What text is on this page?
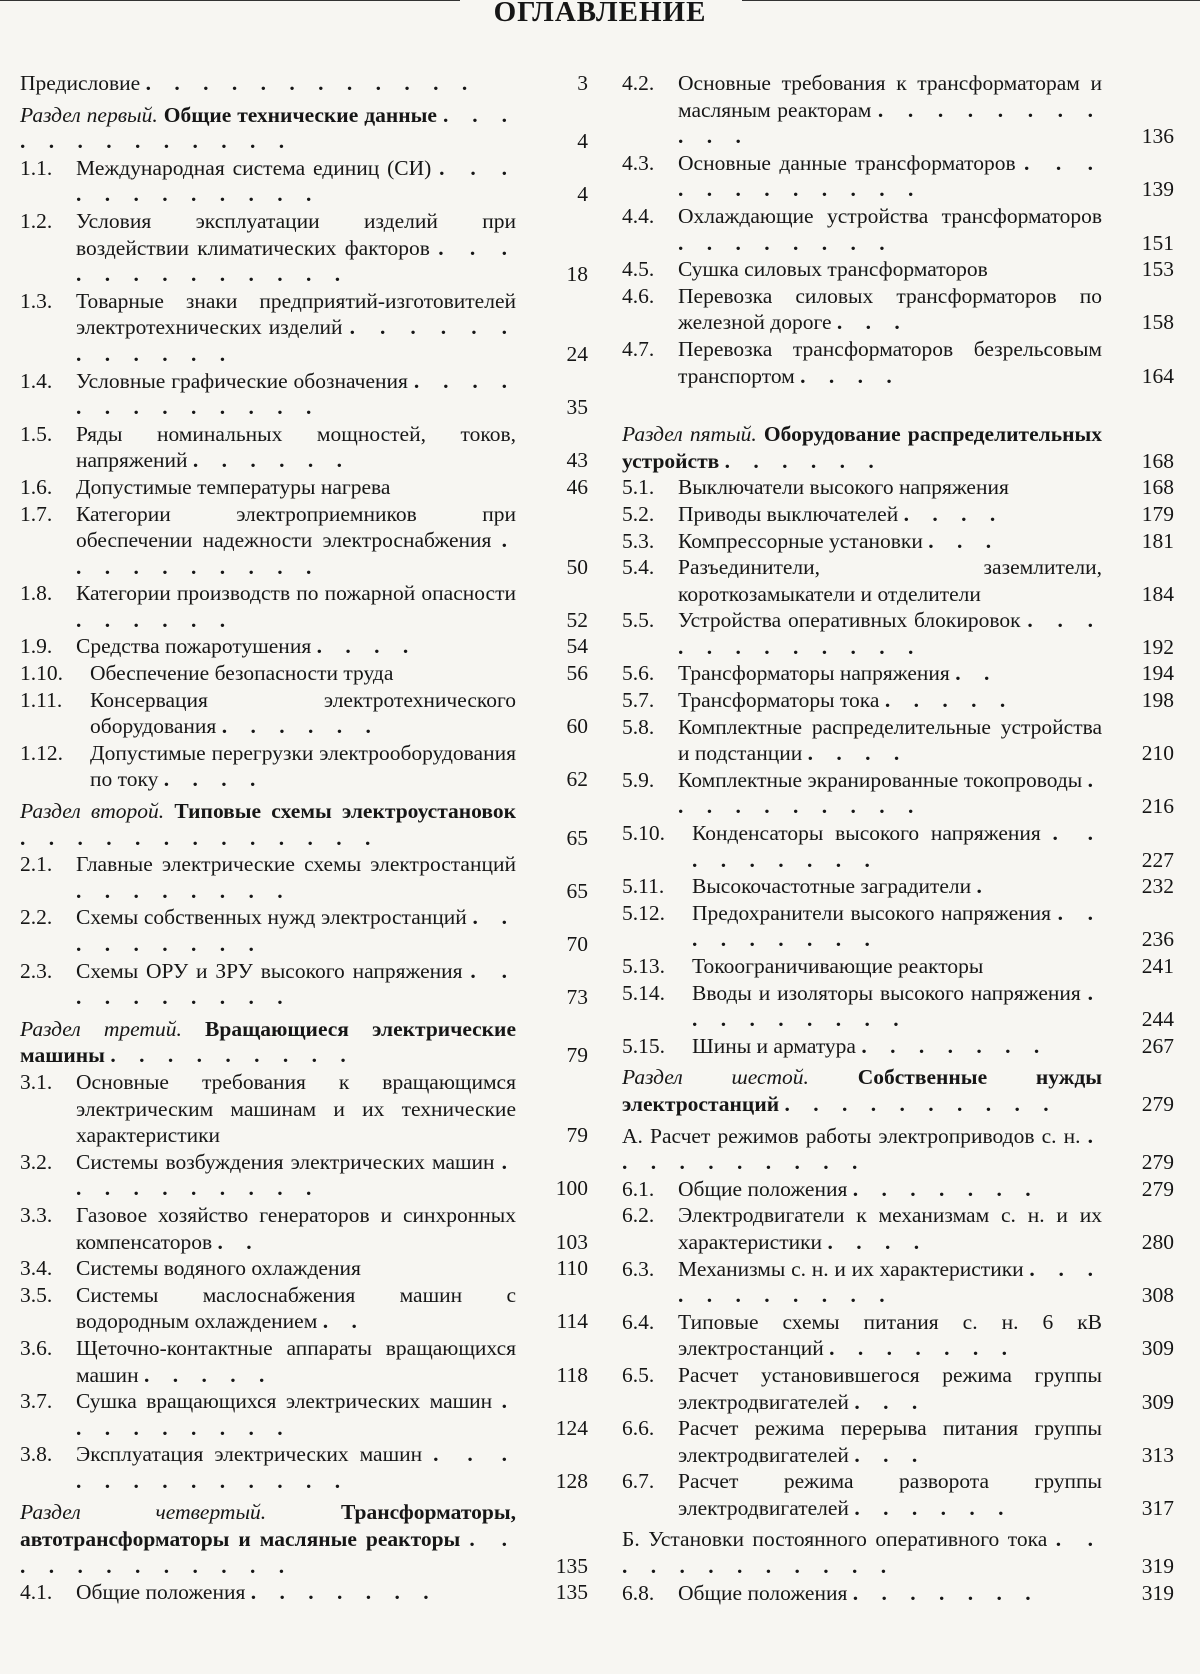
ОГЛАВЛЕНИЕ
Предисловие . . . . . . . . . . . .	3
Раздел первый. Общие технические данные . . . . . . . . . . . . .	4
1.1. Международная система единиц (СИ) . . . . . . . . . . . .	4
1.2. Условия эксплуатации изделий при воздействии климатических факторов . . . . . . . . . . . . .	18
1.3. Товарные знаки предприятий-изготовителей электротехнических изделий . . . . . . . . . . . .	24
1.4. Условные графические обозначения . . . . . . . . . . . . .	35
1.5. Ряды номинальных мощностей, токов, напряжений . . . . . .	43
1.6. Допустимые температуры нагрева	46
1.7. Категории электроприемников при обеспечении надежности электроснабжения . . . . . . . . . .	50
1.8. Категории производств по пожарной опасности . . . . . .	52
1.9. Средства пожаротушения . . . .	54
1.10. Обеспечение безопасности труда	56
1.11. Консервация электротехнического оборудования . . . . . .	60
1.12. Допустимые перегрузки электрооборудования по току . . . .	62
Раздел второй. Типовые схемы электроустановок . . . . . . . . . . . . .	65
2.1. Главные электрические схемы электростанций . . . . . . . .	65
2.2. Схемы собственных нужд электростанций . . . . . . . . .	70
2.3. Схемы ОРУ и ЗРУ высокого напряжения . . . . . . . . . .	73
Раздел третий. Вращающиеся электрические машины . . . . . . . . .	79
3.1. Основные требования к вращающимся электрическим машинам и их технические характеристики	79
3.2. Системы возбуждения электрических машин . . . . . . . . . .	100
3.3. Газовое хозяйство генераторов и синхронных компенсаторов . .	103
3.4. Системы водяного охлаждения	110
3.5. Системы маслоснабжения машин с водородным охлаждением . .	114
3.6. Щеточно-контактные аппараты вращающихся машин . . . . .	118
3.7. Сушка вращающихся электрических машин . . . . . . . . .	124
3.8. Эксплуатация электрических машин . . . . . . . . . . . . .	128
Раздел четвертый.	Трансформаторы, автотрансформаторы и масляные реакторы . . . . . . . . . . . .	135
4.1. Общие положения . . . . . . .	135
4.2. Основные требования к трансформаторам и масляным реакторам . . . . . . . . . . .	136
4.3. Основные данные трансформаторов . . . . . . . . . . . .	139
4.4. Охлаждающие устройства трансформаторов . . . . . . . .	151
4.5. Сушка силовых трансформаторов	153
4.6. Перевозка силовых трансформаторов по железной дороге . . .	158
4.7. Перевозка трансформаторов безрельсовым транспортом . . . .	164
Раздел пятый. Оборудование распределительных устройств . . . . . .	168
5.1. Выключатели высокого напряжения	168
5.2. Приводы выключателей . . . .	179
5.3. Компрессорные установки . . .	181
5.4. Разъединители, заземлители, короткозамыкатели и отделители	184
5.5. Устройства оперативных блокировок . . . . . . . . . . . .	192
5.6. Трансформаторы напряжения . .	194
5.7. Трансформаторы тока . . . . .	198
5.8. Комплектные распределительные устройства и подстанции . . . .	210
5.9. Комплектные экранированные токопроводы . . . . . . . . . .	216
5.10. Конденсаторы высокого напряжения . . . . . . . . .	227
5.11. Высокочастотные заградители .	232
5.12. Предохранители высокого напряжения . . . . . . . . .	236
5.13. Токоограничивающие реакторы	241
5.14. Вводы и изоляторы высокого напряжения . . . . . . . . .	244
5.15. Шины и арматура . . . . . . .	267
Раздел шестой. Собственные нужды электростанций . . . . . . . . . .	279
А. Расчет режимов работы электроприводов с. н. . . . . . . . . . .	279
6.1. Общие положения . . . . . . .	279
6.2. Электродвигатели к механизмам с. н. и их характеристики . . . .	280
6.3. Механизмы с. н. и их характеристики . . . . . . . . . . .	308
6.4. Типовые схемы питания с. н. 6 кВ электростанций . . . . . . .	309
6.5. Расчет установившегося режима группы электродвигателей . . .	309
6.6. Расчет режима перерыва питания группы электродвигателей . . .	313
6.7. Расчет режима разворота группы электродвигателей . . . . . .	317
Б. Установки постоянного оперативного тока . . . . . . . . . . . .	319
6.8. Общие положения . . . . . . .	319
